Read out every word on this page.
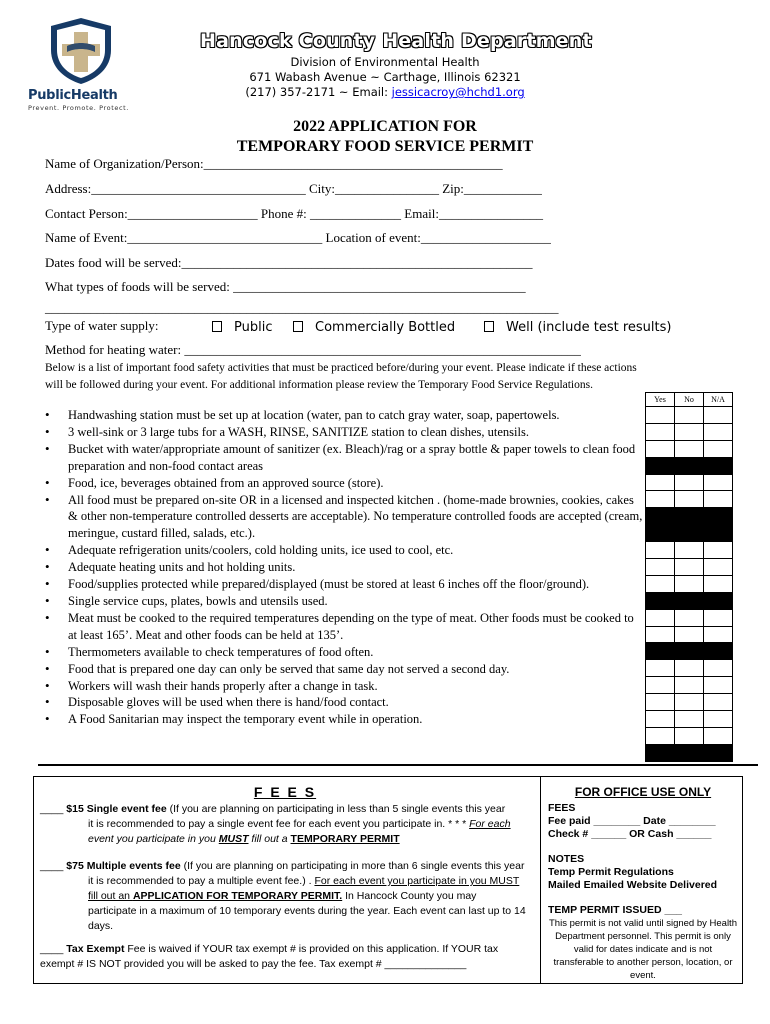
PublicHealth
Prevent. Promote. Protect.
Hancock County Health Department
Division of Environmental Health
671 Wabash Avenue ~ Carthage, Illinois 62321
(217) 357-2171 ~ Email: jessicacroy@hchd1.org
2022 APPLICATION FOR
TEMPORARY FOOD SERVICE PERMIT
Name of Organization/Person:______________________________________________
Address:_________________________________ City:________________ Zip:____________
Contact Person:____________________ Phone #: ______________ Email:________________
Name of Event:______________________________ Location of event:____________________
Dates food will be served:______________________________________________________
What types of foods will be served: _____________________________________________
_______________________________________________________________________________
Type of water supply:	Public	Commercially Bottled	Well (include test results)
Method for heating water: _____________________________________________________________
Below is a list of important food safety activities that must be practiced before/during your event. Please indicate if these actions will be followed during your event. For additional information please review the Temporary Food Service Regulations.
• Handwashing station must be set up at location (water, pan to catch gray water, soap, papertowels.
• 3 well-sink or 3 large tubs for a WASH, RINSE, SANITIZE station to clean dishes, utensils.
• Bucket with water/appropriate amount of sanitizer (ex. Bleach)/rag or a spray bottle & paper towels to clean food preparation and non-food contact areas
• Food, ice, beverages obtained from an approved source (store).
• All food must be prepared on-site OR in a licensed and inspected kitchen . (home-made brownies, cookies, cakes & other non-temperature controlled desserts are acceptable). No temperature controlled foods are accepted (cream, meringue, custard filled, salads, etc.).
• Adequate refrigeration units/coolers, cold holding units, ice used to cool, etc.
• Adequate heating units and hot holding units.
• Food/supplies protected while prepared/displayed (must be stored at least 6 inches off the floor/ground).
• Single service cups, plates, bowls and utensils used.
• Meat must be cooked to the required temperatures depending on the type of meat. Other foods must be cooked to at least 165’. Meat and other foods can be held at 135’.
• Thermometers available to check temperatures of food often.
• Food that is prepared one day can only be served that same day not served a second day.
• Workers will wash their hands properly after a change in task.
• Disposable gloves will be used when there is hand/food contact.
• A Food Sanitarian may inspect the temporary event while in operation.
Yes	No	N/A

F E E S
____ $15 Single event fee (If you are planning on participating in less than 5 single events this year

it is recommended to pay a single event fee for each event you participate in. * * * For each
event you participate in you MUST fill out a TEMPORARY PERMIT
____ $75 Multiple events fee (If you are planning on participating in more than 6 single events this year

it is recommended to pay a multiple event fee.) . For each event you participate in you MUST
fill out an APPLICATION FOR TEMPORARY PERMIT. In Hancock County you may
participate in a maximum of 10 temporary events during the year. Each event can last up to 14
days.
____ Tax Exempt Fee is waived if YOUR tax exempt # is provided on this application. If YOUR tax
exempt # IS NOT provided you will be asked to pay the fee. Tax exempt # ______________
FOR OFFICE USE ONLY
FEES
Fee paid ________ Date ________
Check # ______ OR Cash ______
NOTES
Temp Permit Regulations
Mailed Emailed Website Delivered
TEMP PERMIT ISSUED ___
This permit is not valid until signed by Health Department personnel. This permit is only valid for dates indicate and is not transferable to another person, location, or event.
